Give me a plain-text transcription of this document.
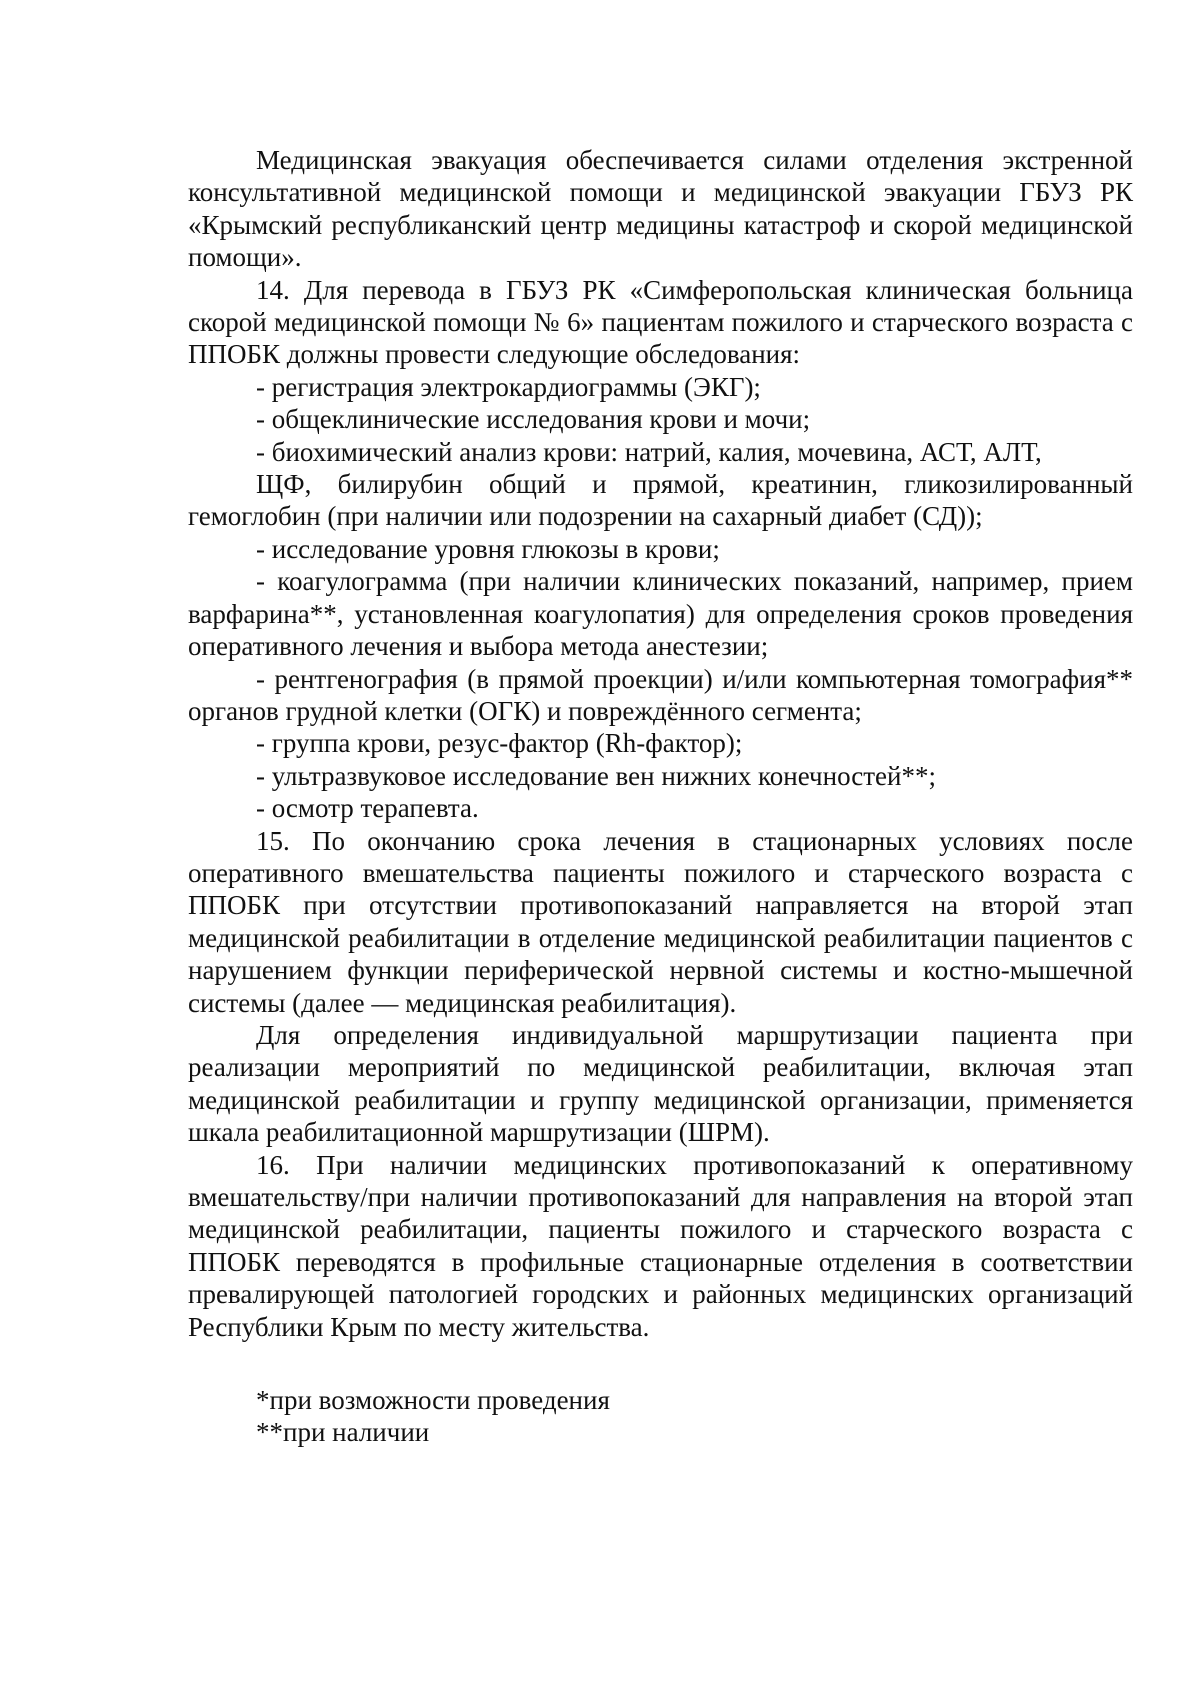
Медицинская эвакуация обеспечивается силами отделения экстренной консультативной медицинской помощи и медицинской эвакуации ГБУЗ РК «Крымский республиканский центр медицины катастроф и скорой медицинской помощи».

14. Для перевода в ГБУЗ РК «Симферопольская клиническая больница скорой медицинской помощи № 6» пациентам пожилого и старческого возраста с ППОБК должны провести следующие обследования:

- регистрация электрокардиограммы (ЭКГ);

- общеклинические исследования крови и мочи;

- биохимический анализ крови: натрий, калия, мочевина, АСТ, АЛТ,

ЩФ, билирубин общий и прямой, креатинин, гликозилированный гемоглобин (при наличии или подозрении на сахарный диабет (СД));

- исследование уровня глюкозы в крови;

- коагулограмма (при наличии клинических показаний, например, прием варфарина**, установленная коагулопатия) для определения сроков проведения оперативного лечения и выбора метода анестезии;

- рентгенография (в прямой проекции) и/или компьютерная томография** органов грудной клетки (ОГК) и повреждённого сегмента;

- группа крови, резус-фактор (Rh-фактор);

- ультразвуковое исследование вен нижних конечностей**;

- осмотр терапевта.

15. По окончанию срока лечения в стационарных условиях после оперативного вмешательства пациенты пожилого и старческого возраста с ППОБК при отсутствии противопоказаний направляется на второй этап медицинской реабилитации в отделение медицинской реабилитации пациентов с нарушением функции периферической нервной системы и костно-мышечной системы (далее — медицинская реабилитация).

Для определения индивидуальной маршрутизации пациента при реализации мероприятий по медицинской реабилитации, включая этап медицинской реабилитации и группу медицинской организации, применяется шкала реабилитационной маршрутизации (ШРМ).

16. При наличии медицинских противопоказаний к оперативному вмешательству/при наличии противопоказаний для направления на второй этап медицинской реабилитации, пациенты пожилого и старческого возраста с ППОБК переводятся в профильные стационарные отделения в соответствии превалирующей патологией городских и районных медицинских организаций Республики Крым по месту жительства.

*при возможности проведения

**при наличии
